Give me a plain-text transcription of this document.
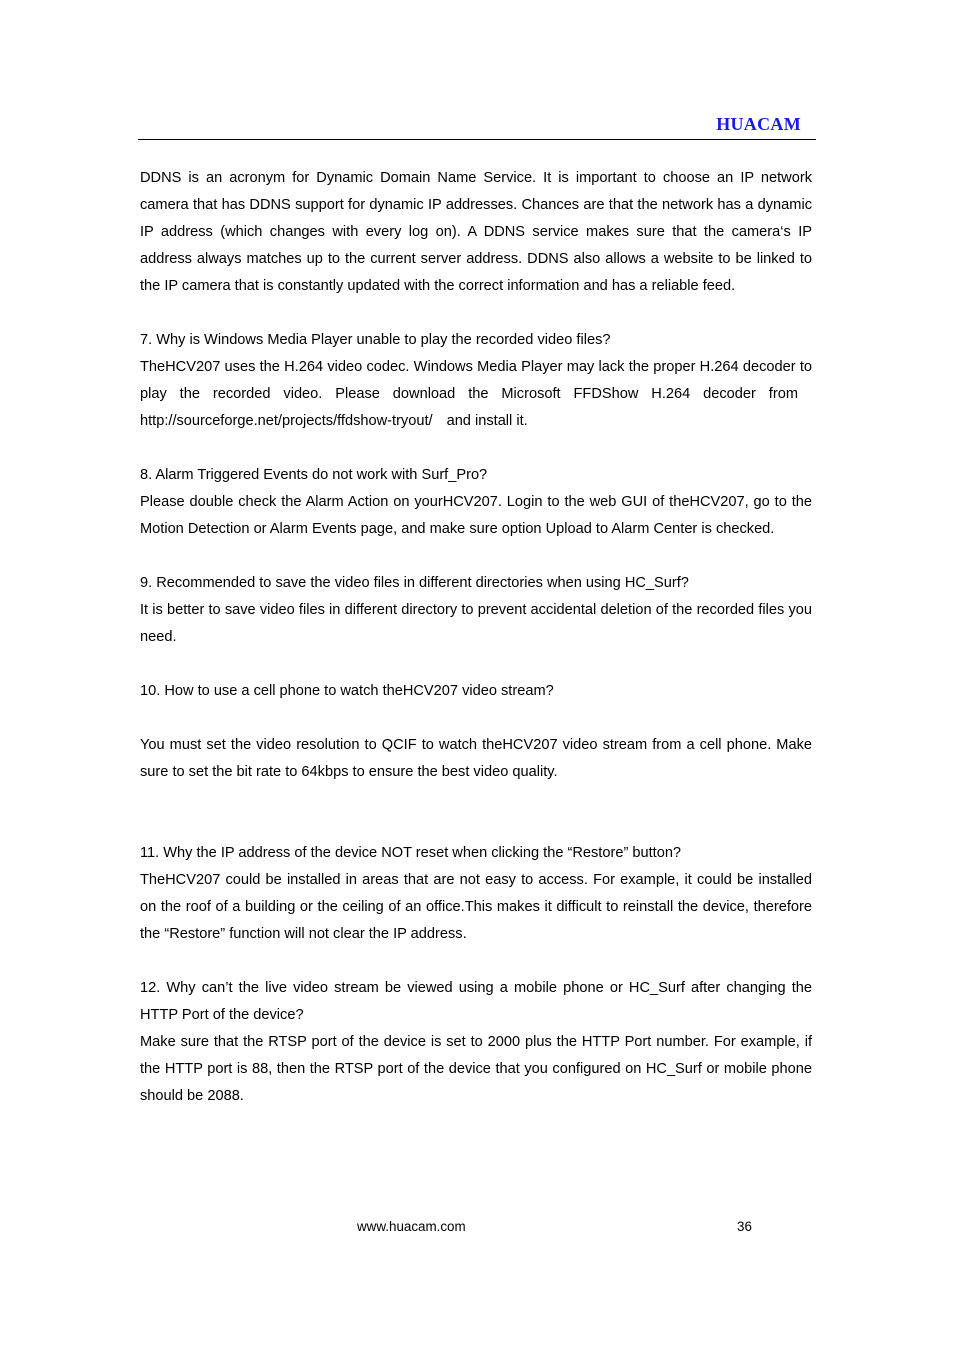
HUACAM

DDNS is an acronym for Dynamic Domain Name Service. It is important to choose an IP network camera that has DDNS support for dynamic IP addresses. Chances are that the network has a dynamic IP address (which changes with every log on). A DDNS service makes sure that the camera‘s IP address always matches up to the current server address. DDNS also allows a website to be linked to the IP camera that is constantly updated with the correct information and has a reliable feed.

7. Why is Windows Media Player unable to play the recorded video files?

TheHCV207 uses the H.264 video codec. Windows Media Player may lack the proper H.264 decoder to play the recorded video. Please download the Microsoft FFDShow H.264 decoder fromhttp://sourceforge.net/projects/ffdshow-tryout/ and install it.

8. Alarm Triggered Events do not work with Surf_Pro?

Please double check the Alarm Action on yourHCV207. Login to the web GUI of theHCV207, go to the Motion Detection or Alarm Events page, and make sure option Upload to Alarm Center is checked.

9. Recommended to save the video files in different directories when using HC_Surf?

It is better to save video files in different directory to prevent accidental deletion of the recorded files you need.

10. How to use a cell phone to watch theHCV207 video stream?

You must set the video resolution to QCIF to watch theHCV207 video stream from a cell phone. Make sure to set the bit rate to 64kbps to ensure the best video quality.

11. Why the IP address of the device NOT reset when clicking the “Restore” button?

TheHCV207 could be installed in areas that are not easy to access. For example, it could be installed on the roof of a building or the ceiling of an office.This makes it difficult to reinstall the device, therefore the “Restore” function will not clear the IP address.

12. Why can’t the live video stream be viewed using a mobile phone or HC_Surf after changing the HTTP Port of the device?

Make sure that the RTSP port of the device is set to 2000 plus the HTTP Port number. For example, if the HTTP port is 88, then the RTSP port of the device that you configured on HC_Surf or mobile phone should be 2088.

www.huacam.com	36
